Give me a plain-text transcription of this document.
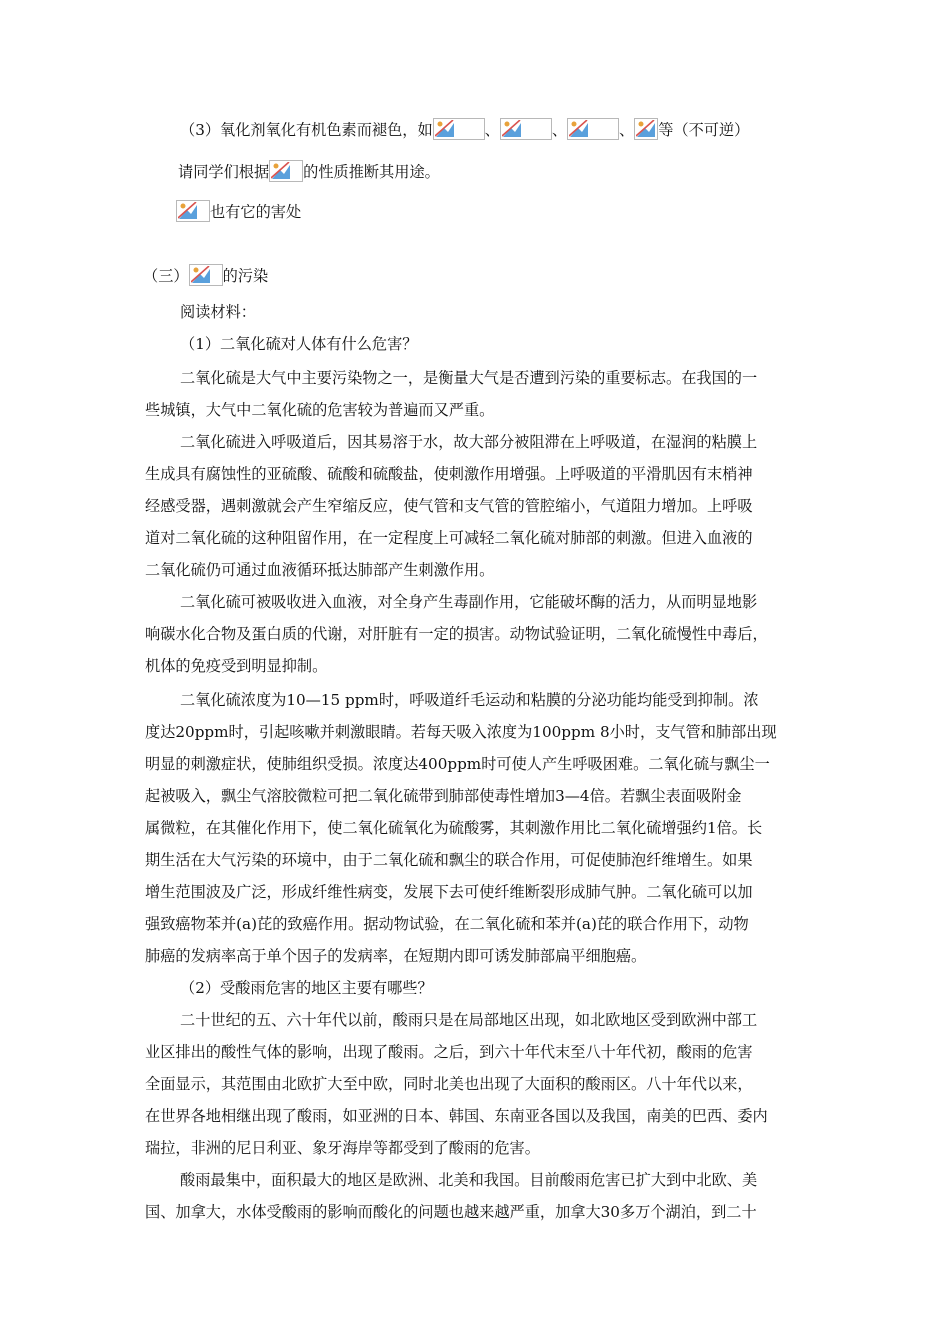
（3）氧化剂氧化有机色素而褪色，如	、	、	、 等（不可逆）
请同学们根据 的性质推断其用途。
也有它的害处
（三） 的污染
阅读材料：
（1）二氧化硫对人体有什么危害？
二氧化硫是大气中主要污染物之一，是衡量大气是否遭到污染的重要标志。在我国的一
些城镇，大气中二氧化硫的危害较为普遍而又严重。
二氧化硫进入呼吸道后，因其易溶于水，故大部分被阻滞在上呼吸道，在湿润的粘膜上
生成具有腐蚀性的亚硫酸、硫酸和硫酸盐，使刺激作用增强。上呼吸道的平滑肌因有末梢神
经感受器，遇刺激就会产生窄缩反应，使气管和支气管的管腔缩小，气道阻力增加。上呼吸
道对二氧化硫的这种阻留作用，在一定程度上可减轻二氧化硫对肺部的刺激。但进入血液的
二氧化硫仍可通过血液循环抵达肺部产生刺激作用。
二氧化硫可被吸收进入血液，对全身产生毒副作用，它能破坏酶的活力，从而明显地影
响碳水化合物及蛋白质的代谢，对肝脏有一定的损害。动物试验证明，二氧化硫慢性中毒后，
机体的免疫受到明显抑制。
二氧化硫浓度为10—15 ppm时，呼吸道纤毛运动和粘膜的分泌功能均能受到抑制。浓
度达20ppm时，引起咳嗽并刺激眼睛。若每天吸入浓度为100ppm 8小时，支气管和肺部出现
明显的刺激症状，使肺组织受损。浓度达400ppm时可使人产生呼吸困难。二氧化硫与飘尘一
起被吸入，飘尘气溶胶微粒可把二氧化硫带到肺部使毒性增加3—4倍。若飘尘表面吸附金
属微粒，在其催化作用下，使二氧化硫氧化为硫酸雾，其刺激作用比二氧化硫增强约1倍。长
期生活在大气污染的环境中，由于二氧化硫和飘尘的联合作用，可促使肺泡纤维增生。如果
增生范围波及广泛，形成纤维性病变，发展下去可使纤维断裂形成肺气肿。二氧化硫可以加
强致癌物苯并(a)芘的致癌作用。据动物试验，在二氧化硫和苯并(a)芘的联合作用下，动物
肺癌的发病率高于单个因子的发病率，在短期内即可诱发肺部扁平细胞癌。
（2）受酸雨危害的地区主要有哪些？
二十世纪的五、六十年代以前，酸雨只是在局部地区出现，如北欧地区受到欧洲中部工
业区排出的酸性气体的影响，出现了酸雨。之后，到六十年代末至八十年代初，酸雨的危害
全面显示，其范围由北欧扩大至中欧，同时北美也出现了大面积的酸雨区。八十年代以来，
在世界各地相继出现了酸雨，如亚洲的日本、韩国、东南亚各国以及我国，南美的巴西、委内
瑞拉，非洲的尼日利亚、象牙海岸等都受到了酸雨的危害。
酸雨最集中，面积最大的地区是欧洲、北美和我国。目前酸雨危害已扩大到中北欧、美
国、加拿大，水体受酸雨的影响而酸化的问题也越来越严重，加拿大30多万个湖泊，到二十
